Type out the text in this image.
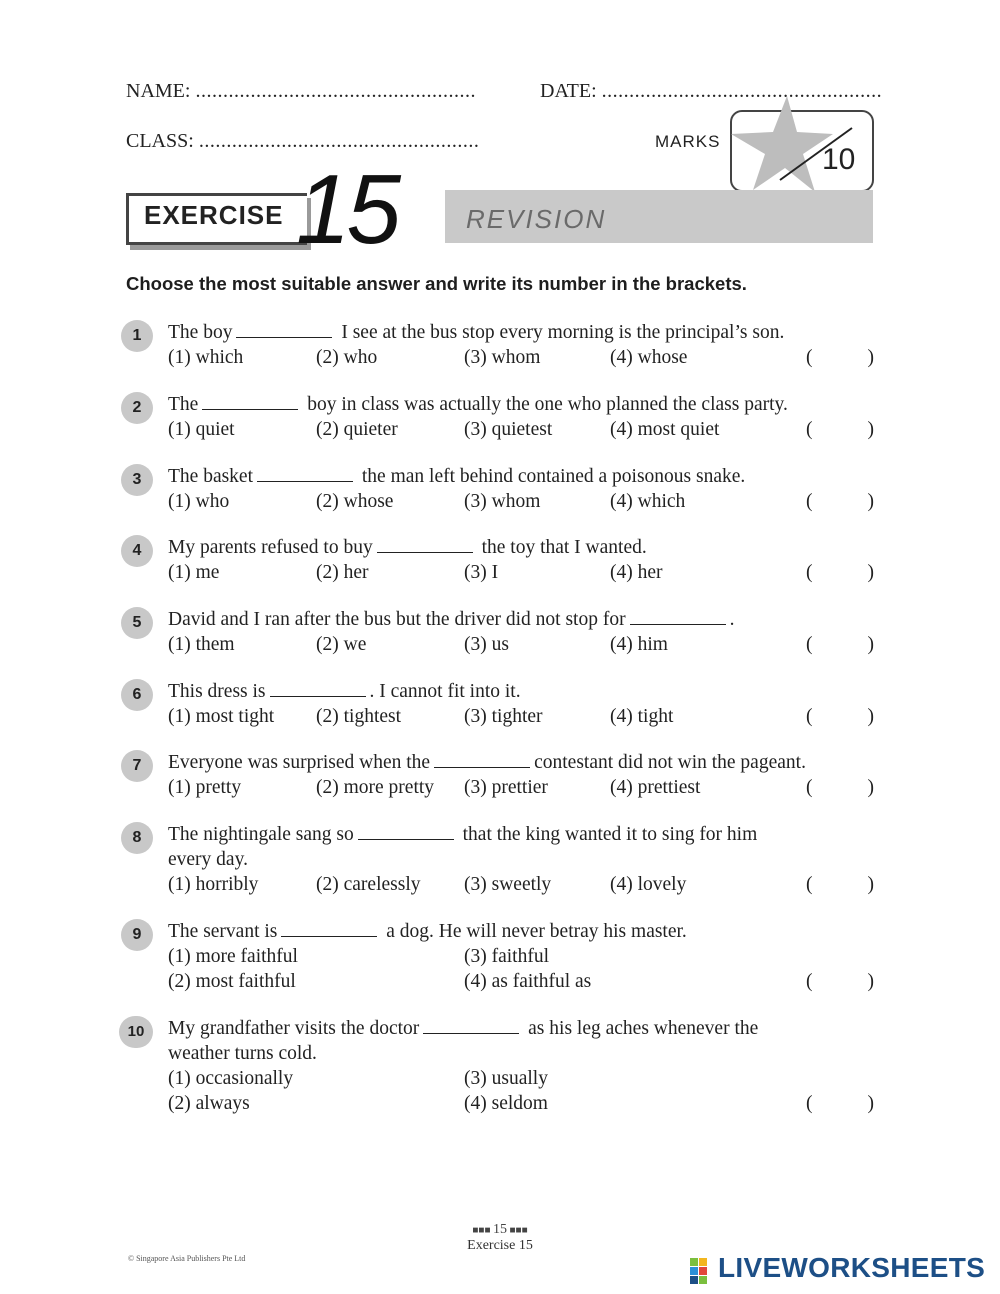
NAME: ...................................................	DATE: ...................................................
CLASS: ...................................................	MARKS
10
EXERCISE 15	REVISION
Choose the most suitable answer and write its number in the brackets.
1	The boy	I see at the bus stop every morning is the principal’s son.
(1) which	(2) who	(3) whom	(4) whose	(	)
2	The	boy in class was actually the one who planned the class party.
(1) quiet	(2) quieter	(3) quietest	(4) most quiet	(	)
3	The basket	the man left behind contained a poisonous snake.
(1) who	(2) whose	(3) whom	(4) which	(	)
4	My parents refused to buy	the toy that I wanted.
(1) me	(2) her	(3) I	(4) her	(	)
5	David and I ran after the bus but the driver did not stop for	.
(1) them	(2) we	(3) us	(4) him	(	)
6	This dress is	. I cannot fit into it.
(1) most tight (2) tightest	(3) tighter	(4) tight	(	)
7	Everyone was surprised when the	contestant did not win the pageant.
(1) pretty	(2) more pretty (3) prettier	(4) prettiest	(	)
8	The nightingale sang so	that the king wanted it to sing for him
every day.
(1) horribly	(2) carelessly (3) sweetly	(4) lovely	(	)
9	The servant is	a dog. He will never betray his master.
(1) more faithful	(3) faithful
(2) most faithful	(4) as faithful as	(	)
10	My grandfather visits the doctor	as his leg aches whenever the
weather turns cold.
(1) occasionally	(3) usually
(2) always	(4) seldom	(	)
■■■ 15 ■■■
Exercise 15
© Singapore Asia Publishers Pte Ltd	LIVEWORKSHEETS
